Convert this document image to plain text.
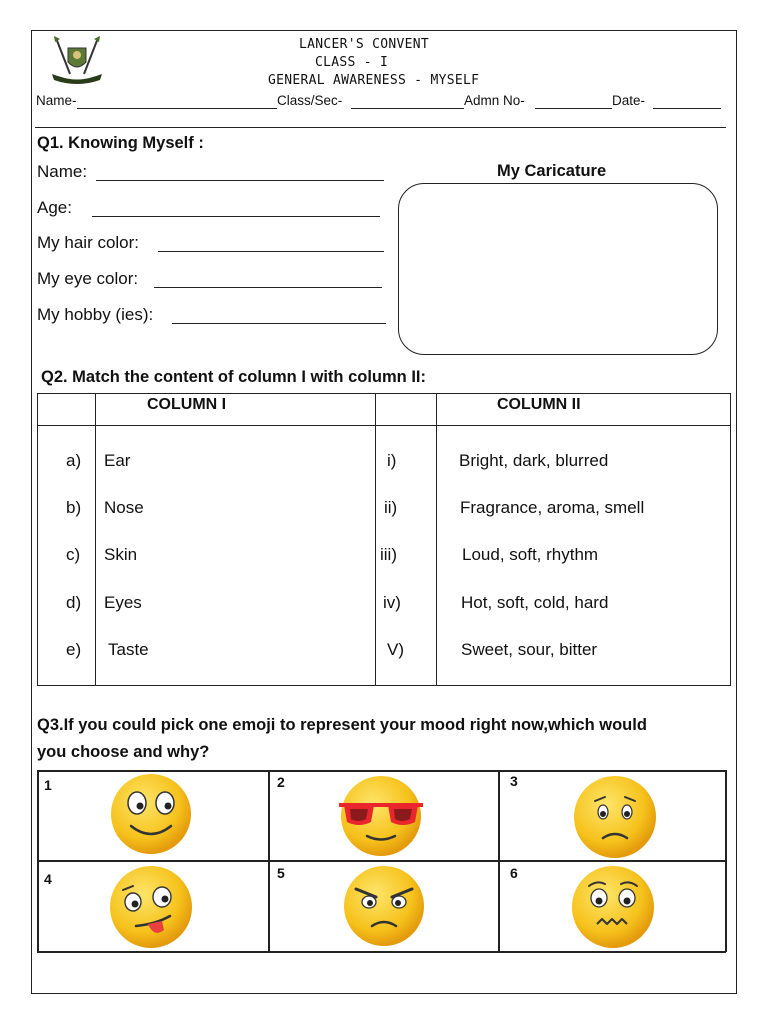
LANCER'S CONVENT
CLASS - I
GENERAL AWARENESS - MYSELF
Name-	Class/Sec-	Admn No-	Date-
Q1. Knowing Myself :
Name:
Age:
My hair color:
My eye color:
My hobby (ies):
My Caricature
Q2. Match the content of column I with column II:
COLUMN I	COLUMN II
a) Ear	i)	Bright, dark, blurred
b) Nose	ii)	Fragrance, aroma, smell
c) Skin	iii)	Loud, soft, rhythm
d) Eyes	iv)	Hot, soft, cold, hard
e) Taste	V)	Sweet, sour, bitter
Q3.If you could pick one emoji to represent your mood right now,which would
you choose and why?
1	2	3
4	5	6
